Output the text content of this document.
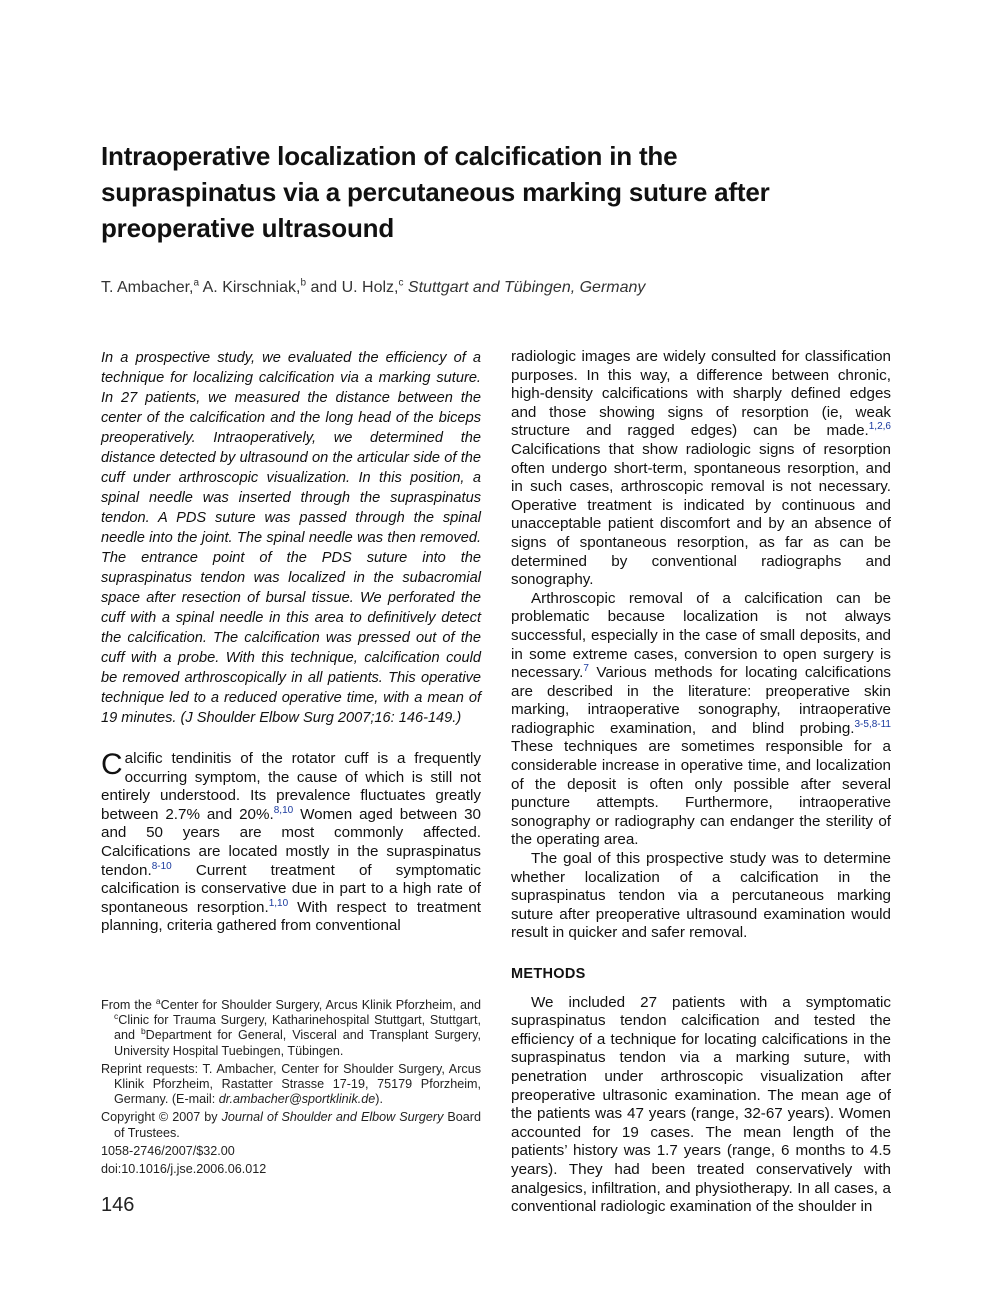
Intraoperative localization of calcification in the supraspinatus via a percutaneous marking suture after preoperative ultrasound
T. Ambacher,$^a$ A. Kirschniak,$^b$ and U. Holz,$^c$ Stuttgart and Tübingen, Germany

In a prospective study, we evaluated the efficiency of a technique for localizing calcification via a marking suture. In 27 patients, we measured the distance between the center of the calcification and the long head of the biceps preoperatively. Intraoperatively, we determined the distance detected by ultrasound on the articular side of the cuff under arthroscopic visualization. In this position, a spinal needle was inserted through the supraspinatus tendon. A PDS suture was passed through the spinal needle into the joint. The spinal needle was then removed. The entrance point of the PDS suture into the supraspinatus tendon was localized in the subacromial space after resection of bursal tissue. We perforated the cuff with a spinal needle in this area to definitively detect the calcification. The calcification was pressed out of the cuff with a probe. With this technique, calcification could be removed arthroscopically in all patients. This operative technique led to a reduced operative time, with a mean of 19 minutes. (J Shoulder Elbow Surg 2007;16: 146-149.)

Calcific tendinitis of the rotator cuff is a frequently occurring symptom, the cause of which is still not entirely understood. Its prevalence fluctuates greatly between 2.7% and 20%.$^{8,10}$ Women aged between 30 and 50 years are most commonly affected. Calcifications are located mostly in the supraspinatus tendon.$^{8-10}$ Current treatment of symptomatic calcification is conservative due in part to a high rate of spontaneous resorption.$^{1,10}$ With respect to treatment planning, criteria gathered from conventional

radiologic images are widely consulted for classification purposes. In this way, a difference between chronic, high-density calcifications with sharply defined edges and those showing signs of resorption (ie, weak structure and ragged edges) can be made.$^{1,2,6}$ Calcifications that show radiologic signs of resorption often undergo short-term, spontaneous resorption, and in such cases, arthroscopic removal is not necessary. Operative treatment is indicated by continuous and unacceptable patient discomfort and by an absence of signs of spontaneous resorption, as far as can be determined by conventional radiographs and sonography.

Arthroscopic removal of a calcification can be problematic because localization is not always successful, especially in the case of small deposits, and in some extreme cases, conversion to open surgery is necessary.$^7$ Various methods for locating calcifications are described in the literature: preoperative skin marking, intraoperative sonography, intraoperative radiographic examination, and blind probing.$^{3-5,8-11}$ These techniques are sometimes responsible for a considerable increase in operative time, and localization of the deposit is often only possible after several puncture attempts. Furthermore, intraoperative sonography or radiography can endanger the sterility of the operating area.

The goal of this prospective study was to determine whether localization of a calcification in the supraspinatus tendon via a percutaneous marking suture after preoperative ultrasound examination would result in quicker and safer removal.

METHODS

We included 27 patients with a symptomatic supraspinatus tendon calcification and tested the efficiency of a technique for locating calcifications in the supraspinatus tendon via a marking suture, with penetration under arthroscopic visualization after preoperative ultrasonic examination. The mean age of the patients was 47 years (range, 32-67 years). Women accounted for 19 cases. The mean length of the patients’ history was 1.7 years (range, 6 months to 4.5 years). They had been treated conservatively with analgesics, infiltration, and physiotherapy. In all cases, a conventional radiologic examination of the shoulder in

From the $^a$Center for Shoulder Surgery, Arcus Klinik Pforzheim, and $^c$Clinic for Trauma Surgery, Katharinehospital Stuttgart, Stuttgart, and $^b$Department for General, Visceral and Transplant Surgery, University Hospital Tuebingen, Tübingen.

Reprint requests: T. Ambacher, Center for Shoulder Surgery, Arcus Klinik Pforzheim, Rastatter Strasse 17-19, 75179 Pforzheim, Germany. (E-mail: dr.ambacher@sportklinik.de).

Copyright © 2007 by Journal of Shoulder and Elbow Surgery Board of Trustees.

1058-2746/2007/$32.00

doi:10.1016/j.jse.2006.06.012

146
